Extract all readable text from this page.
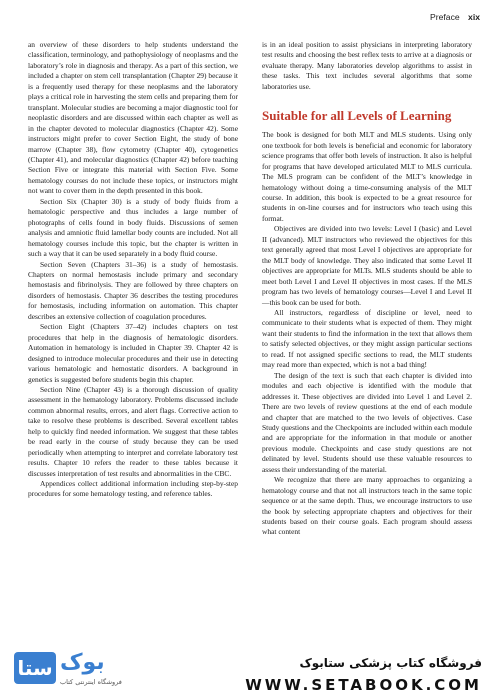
Preface xix

an overview of these disorders to help students understand the classification, terminology, and pathophysiology of neoplasms and the laboratory’s role in diagnosis and therapy. As a part of this section, we included a chapter on stem cell transplantation (Chapter 29) because it is a frequently used therapy for these neoplasms and the laboratory plays a critical role in harvesting the stem cells and preparing them for transplant. Molecular studies are becoming a major diagnostic tool for neoplastic disorders and are discussed within each chapter as well as in the chapter devoted to molecular diagnostics (Chapter 42). Some instructors might prefer to cover Section Eight, the study of bone marrow (Chapter 38), flow cytometry (Chapter 40), cytogenetics (Chapter 41), and molecular diagnostics (Chapter 42) before teaching Section Five or integrate this material with Section Five. Some hematology courses do not include these topics, or instructors might not want to cover them in the depth presented in this book.

Section Six (Chapter 30) is a study of body fluids from a hematologic perspective and thus includes a large number of photographs of cells found in body fluids. Discussions of semen analysis and amniotic fluid lamellar body counts are included. Not all hematology courses include this topic, but the chapter is written in such a way that it can be used separately in a body fluid course.

Section Seven (Chapters 31–36) is a study of hemostasis. Chapters on normal hemostasis include primary and secondary hemostasis and fibrinolysis. They are followed by three chapters on disorders of hemostasis. Chapter 36 describes the testing procedures for hemostasis, including information on automation. This chapter describes an extensive collection of coagulation procedures.

Section Eight (Chapters 37–42) includes chapters on test procedures that help in the diagnosis of hematologic disorders. Automation in hematology is included in Chapter 39. Chapter 42 is designed to introduce molecular procedures and their use in detecting various hematologic and hemostatic disorders. A background in genetics is suggested before students begin this chapter.

Section Nine (Chapter 43) is a thorough discussion of quality assessment in the hematology laboratory. Problems discussed include common abnormal results, errors, and alert flags. Corrective action to take to resolve these problems is described. Several excellent tables help to quickly find needed information. We suggest that these tables be read early in the course of study because they can be used periodically when attempting to interpret and correlate laboratory test results. Chapter 10 refers the reader to these tables because it discusses interpretation of test results and abnormalities in the CBC.

Appendices collect additional information including step-by-step procedures for some hematology testing, and reference tables.

is in an ideal position to assist physicians in interpreting laboratory test results and choosing the best reflex tests to arrive at a diagnosis or evaluate therapy. Many laboratories develop algorithms to assist in these tasks. This text includes several algorithms that some laboratories use.

Suitable for all Levels of Learning

The book is designed for both MLT and MLS students. Using only one textbook for both levels is beneficial and economic for laboratory science programs that offer both levels of instruction. It also is helpful for programs that have developed articulated MLT to MLS curricula. The MLS program can be confident of the MLT’s knowledge in hematology without doing a time-consuming analysis of the MLT course. In addition, this book is expected to be a great resource for students in on-line courses and for instructors who teach using this format.

Objectives are divided into two levels: Level I (basic) and Level II (advanced). MLT instructors who reviewed the objectives for this text generally agreed that most Level I objectives are appropriate for the MLT body of knowledge. They also indicated that some Level II objectives are appropriate for MLTs. MLS students should be able to meet both Level I and Level II objectives in most cases. If the MLS program has two levels of hematology courses—Level I and Level II—this book can be used for both.

All instructors, regardless of discipline or level, need to communicate to their students what is expected of them. They might want their students to find the information in the text that allows them to satisfy selected objectives, or they might assign particular sections to read. If not assigned specific sections to read, the MLT students may read more than expected, which is not a bad thing!

The design of the text is such that each chapter is divided into modules and each objective is identified with the module that addresses it. These objectives are divided into Level 1 and Level 2. There are two levels of review questions at the end of each module and chapter that are matched to the two levels of objectives. Case Study questions and the Checkpoints are included within each module and are appropriate for the information in that module or another previous module. Checkpoints and case study questions are not delinated by level. Students should use these valuable resources to assess their understanding of the material.

We recognize that there are many approaches to organizing a hematology course and that not all instructors teach in the same topic sequence or at the same depth. Thus, we encourage instructors to use the book by selecting appropriate chapters and objectives for their students based on their course goals. Each program should assess what content

ستا بوک
فروشگاه اینترنتی کتاب
فروشگاه کتاب پزشکی ستابوک
WWW.SETABOOK.COM
